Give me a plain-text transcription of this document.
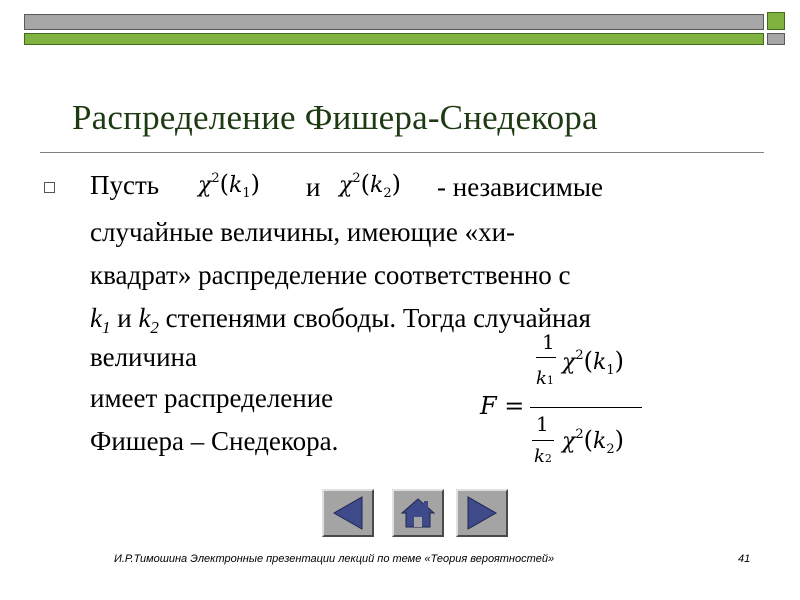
Распределение Фишера-Снедекора
Пусть $\chi^2(k_1)$ и $\chi^2(k_2)$ - независимые
случайные величины, имеющие «хи-
квадрат» распределение соответственно с
$k_1$ и $k_2$ степенями свободы. Тогда случайная
величина
имеет распределение
Фишера – Снедекора.
F =
1
k1
$\chi^2(k_1)$
1
k2
$\chi^2(k_2)$
И.Р.Тимошина Электронные презентации лекций по теме «Теория вероятностей»	41
